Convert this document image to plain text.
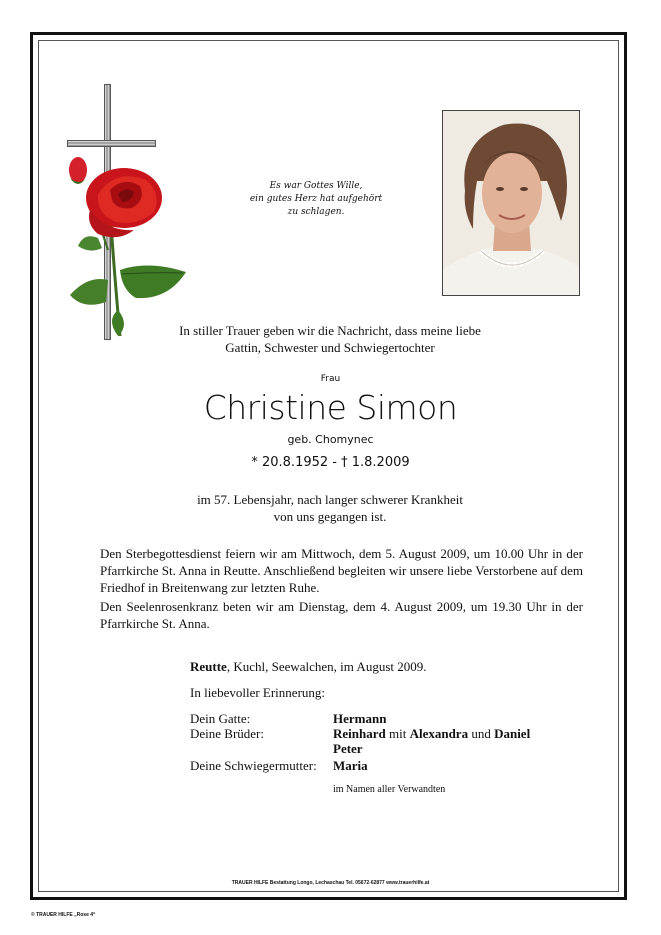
Es war Gottes Wille,
ein gutes Herz hat aufgehört
zu schlagen.
In stiller Trauer geben wir die Nachricht, dass meine liebe
Gattin, Schwester und Schwiegertochter
Frau
Christine Simon
geb. Chomynec
* 20.8.1952 - † 1.8.2009
im 57. Lebensjahr, nach langer schwerer Krankheit
von uns gegangen ist.
Den Sterbegottesdienst feiern wir am Mittwoch, dem 5. August 2009, um 10.00 Uhr in der Pfarrkirche St. Anna in Reutte. Anschließend begleiten wir unsere liebe Verstorbene auf dem Friedhof in Breitenwang zur letzten Ruhe.
Den Seelenrosenkranz beten wir am Dienstag, dem 4. August 2009, um 19.30 Uhr in der Pfarrkirche St. Anna.
Reutte, Kuchl, Seewalchen, im August 2009.
In liebevoller Erinnerung:
Dein Gatte:	Hermann
Deine Brüder:	Reinhard mit Alexandra und Daniel
Peter
Deine Schwiegermutter: Maria
im Namen aller Verwandten
TRAUER HILFE Bestattung Longo, Lechaschau Tel. 05672-62877 www.trauerhilfe.at
© TRAUER HILFE „Rose 4“
